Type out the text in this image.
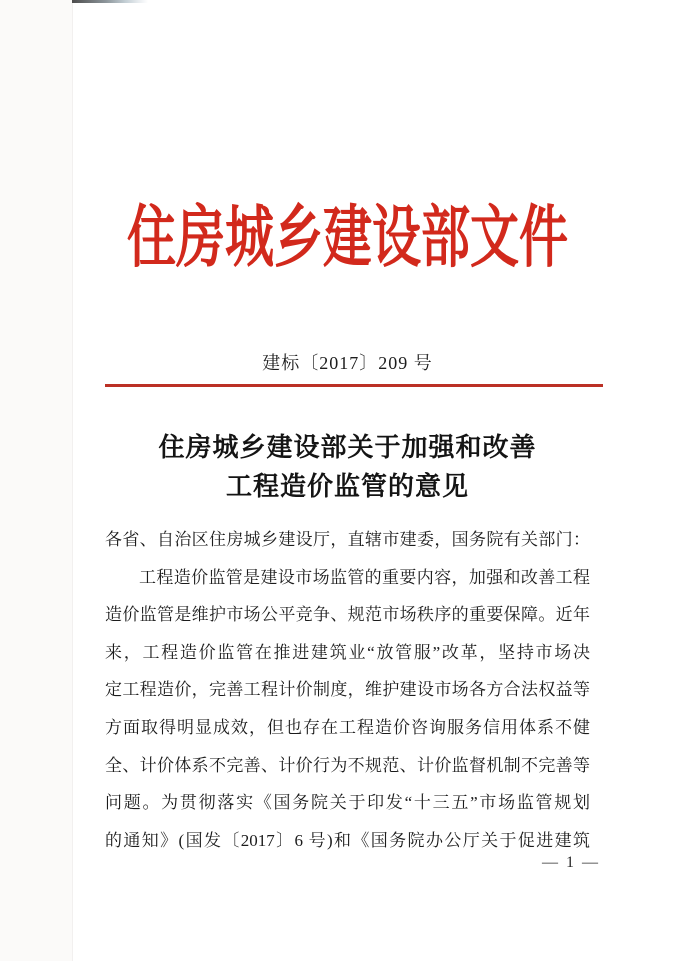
住房城乡建设部文件
建标〔2017〕209 号
住房城乡建设部关于加强和改善
工程造价监管的意见
各省、自治区住房城乡建设厅，直辖市建委，国务院有关部门：
工程造价监管是建设市场监管的重要内容，加强和改善工程
造价监管是维护市场公平竞争、规范市场秩序的重要保障。近年
来，工程造价监管在推进建筑业“放管服”改革，坚持市场决
定工程造价，完善工程计价制度，维护建设市场各方合法权益等
方面取得明显成效，但也存在工程造价咨询服务信用体系不健
全、计价体系不完善、计价行为不规范、计价监督机制不完善等
问题。为贯彻落实《国务院关于印发“十三五”市场监管规划
的通知》(国发〔2017〕6 号)和《国务院办公厅关于促进建筑
— 1 —
